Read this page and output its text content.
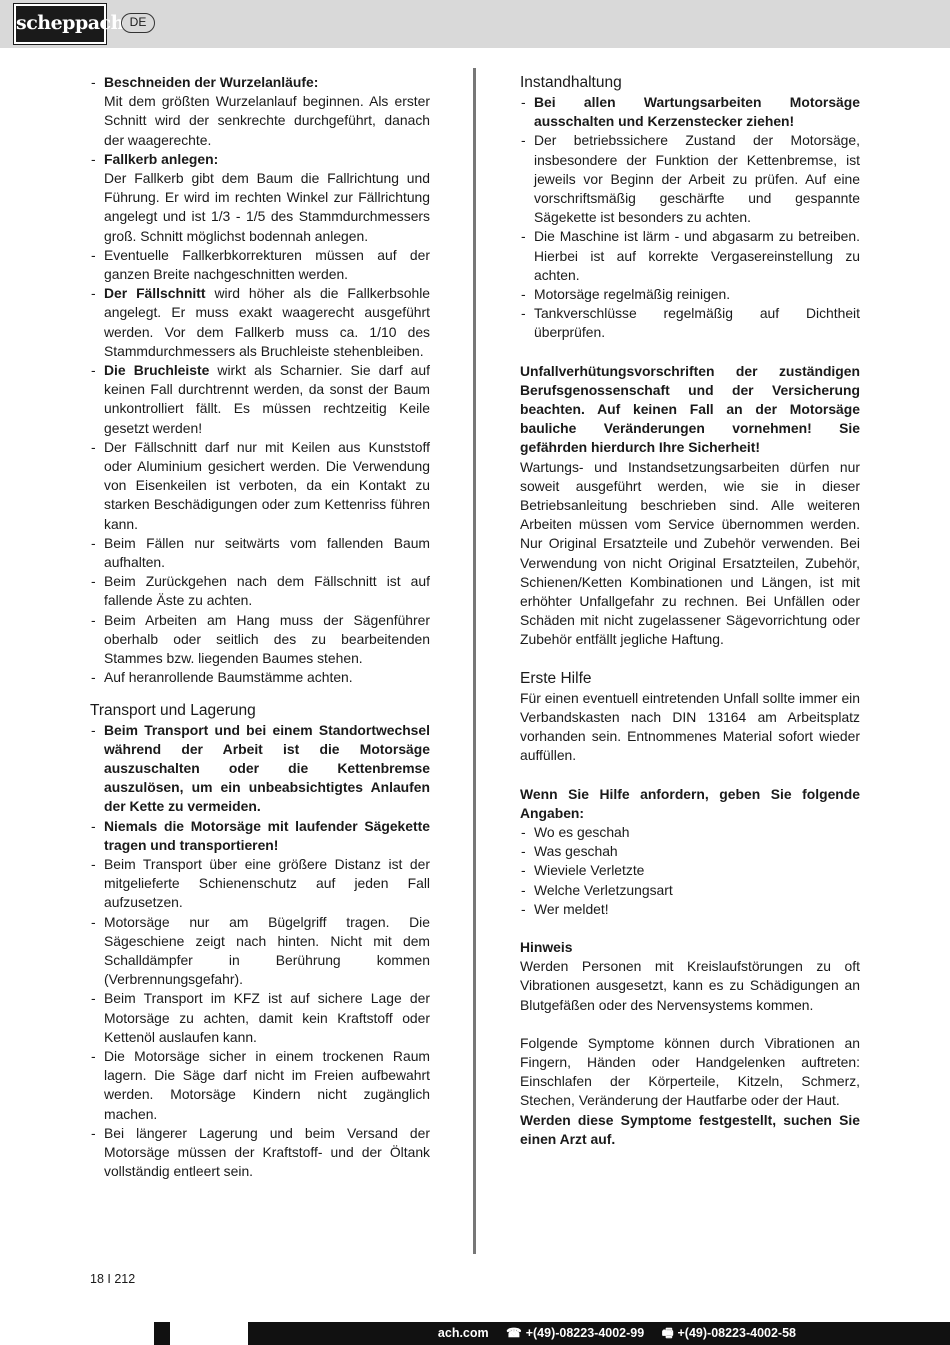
scheppach DE
- Beschneiden der Wurzelanläufe:
Mit dem größten Wurzelanlauf beginnen. Als erster Schnitt wird der senkrechte durchgeführt, danach der waagerechte.
- Fallkerb anlegen:
Der Fallkerb gibt dem Baum die Fallrichtung und Führung. Er wird im rechten Winkel zur Fällrichtung angelegt und ist 1/3 - 1/5 des Stammdurchmessers groß. Schnitt möglichst bodennah anlegen.
- Eventuelle Fallkerbkorrekturen müssen auf der ganzen Breite nachgeschnitten werden.
- Der Fällschnitt wird höher als die Fallkerbsohle angelegt. Er muss exakt waagerecht ausgeführt werden. Vor dem Fallkerb muss ca. 1/10 des Stammdurchmessers als Bruchleiste stehenbleiben.
- Die Bruchleiste wirkt als Scharnier. Sie darf auf keinen Fall durchtrennt werden, da sonst der Baum unkontrolliert fällt. Es müssen rechtzeitig Keile gesetzt werden!
- Der Fällschnitt darf nur mit Keilen aus Kunststoff oder Aluminium gesichert werden. Die Verwendung von Eisenkeilen ist verboten, da ein Kontakt zu starken Beschädigungen oder zum Kettenriss führen kann.
- Beim Fällen nur seitwärts vom fallenden Baum aufhalten.
- Beim Zurückgehen nach dem Fällschnitt ist auf fallende Äste zu achten.
- Beim Arbeiten am Hang muss der Sägenführer oberhalb oder seitlich des zu bearbeitenden Stammes bzw. liegenden Baumes stehen.
- Auf heranrollende Baumstämme achten.
Transport und Lagerung
- Beim Transport und bei einem Standortwechsel während der Arbeit ist die Motorsäge auszuschalten oder die Kettenbremse auszulösen, um ein unbeabsichtigtes Anlaufen der Kette zu vermeiden.
- Niemals die Motorsäge mit laufender Sägekette tragen und transportieren!
- Beim Transport über eine größere Distanz ist der mitgelieferte Schienenschutz auf jeden Fall aufzusetzen.
- Motorsäge nur am Bügelgriff tragen. Die Sägeschiene zeigt nach hinten. Nicht mit dem Schalldämpfer in Berührung kommen (Verbrennungsgefahr).
- Beim Transport im KFZ ist auf sichere Lage der Motorsäge zu achten, damit kein Kraftstoff oder Kettenöl auslaufen kann.
- Die Motorsäge sicher in einem trockenen Raum lagern. Die Säge darf nicht im Freien aufbewahrt werden. Motorsäge Kindern nicht zugänglich machen.
- Bei längerer Lagerung und beim Versand der Motorsäge müssen der Kraftstoff- und der Öltank vollständig entleert sein.
Instandhaltung
- Bei allen Wartungsarbeiten Motorsäge ausschalten und Kerzenstecker ziehen!
- Der betriebssichere Zustand der Motorsäge, insbesondere der Funktion der Kettenbremse, ist jeweils vor Beginn der Arbeit zu prüfen. Auf eine vorschriftsmäßig geschärfte und gespannte Sägekette ist besonders zu achten.
- Die Maschine ist lärm - und abgasarm zu betreiben. Hierbei ist auf korrekte Vergasereinstellung zu achten.
- Motorsäge regelmäßig reinigen.
- Tankverschlüsse regelmäßig auf Dichtheit überprüfen.

Unfallverhütungsvorschriften der zuständigen Berufsgenossenschaft und der Versicherung beachten. Auf keinen Fall an der Motorsäge bauliche Veränderungen vornehmen! Sie gefährden hierdurch Ihre Sicherheit!

Wartungs- und Instandsetzungsarbeiten dürfen nur soweit ausgeführt werden, wie sie in dieser Betriebsanleitung beschrieben sind. Alle weiteren Arbeiten müssen vom Service übernommen werden. Nur Original Ersatzteile und Zubehör verwenden. Bei Verwendung von nicht Original Ersatzteilen, Zubehör, Schienen/Ketten Kombinationen und Längen, ist mit erhöhter Unfallgefahr zu rechnen. Bei Unfällen oder Schäden mit nicht zugelassener Sägevorrichtung oder Zubehör entfällt jegliche Haftung.

Erste Hilfe

Für einen eventuell eintretenden Unfall sollte immer ein Verbandskasten nach DIN 13164 am Arbeitsplatz vorhanden sein. Entnommenes Material sofort wieder auffüllen.

Wenn Sie Hilfe anfordern, geben Sie folgende Angaben:

- Wo es geschah
- Was geschah
- Wieviele Verletzte
- Welche Verletzungsart
- Wer meldet!

Hinweis

Werden Personen mit Kreislaufstörungen zu oft Vibrationen ausgesetzt, kann es zu Schädigungen an Blutgefäßen oder des Nervensystems kommen.

Folgende Symptome können durch Vibrationen an Fingern, Händen oder Handgelenken auftreten: Einschlafen der Körperteile, Kitzeln, Schmerz, Stechen, Veränderung der Hautfarbe oder der Haut.

Werden diese Symptome festgestellt, suchen Sie einen Arzt auf.

18 I 212
ach.com ☎ +(49)-08223-4002-99 🖷 +(49)-08223-4002-58
